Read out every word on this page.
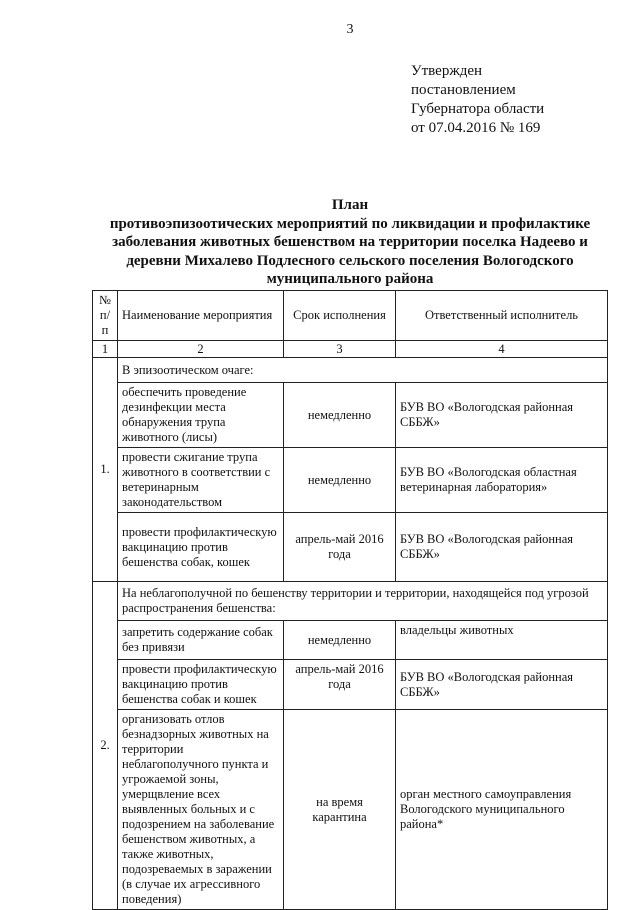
3
Утвержден
постановлением
Губернатора области
от 07.04.2016 № 169
План
противоэпизоотических мероприятий по ликвидации и профилактике
заболевания животных бешенством на территории поселка Надеево и
деревни Михалево Подлесного сельского поселения Вологодского
муниципального района
№ п/п	Наименование мероприятия	Срок исполнения	Ответственный исполнитель
1	2	3	4
1.	В эпизоотическом очаге:		
	обеспечить проведение дезинфекции места обнаружения трупа животного (лисы)	немедленно	БУВ ВО «Вологодская районная СББЖ»
	провести сжигание трупа животного в соответствии с ветеринарным законодательством	немедленно	БУВ ВО «Вологодская областная ветеринарная лаборатория»
	провести профилактическую вакцинацию против бешенства собак, кошек	апрель-май 2016 года	БУВ ВО «Вологодская районная СББЖ»
2.	На неблагополучной по бешенству территории и территории, находящейся под угрозой распространения бешенства:		
	запретить содержание собак без привязи	немедленно	владельцы животных
	провести профилактическую вакцинацию против бешенства собак и кошек	апрель-май 2016 года	БУВ ВО «Вологодская районная СББЖ»
	организовать отлов безнадзорных животных на территории неблагополучного пункта и угрожаемой зоны, умерщвление всех выявленных больных и с подозрением на заболевание бешенством животных, а также животных, подозреваемых в заражении (в случае их агрессивного поведения)	на время карантина	орган местного самоуправления Вологодского муниципального района*
